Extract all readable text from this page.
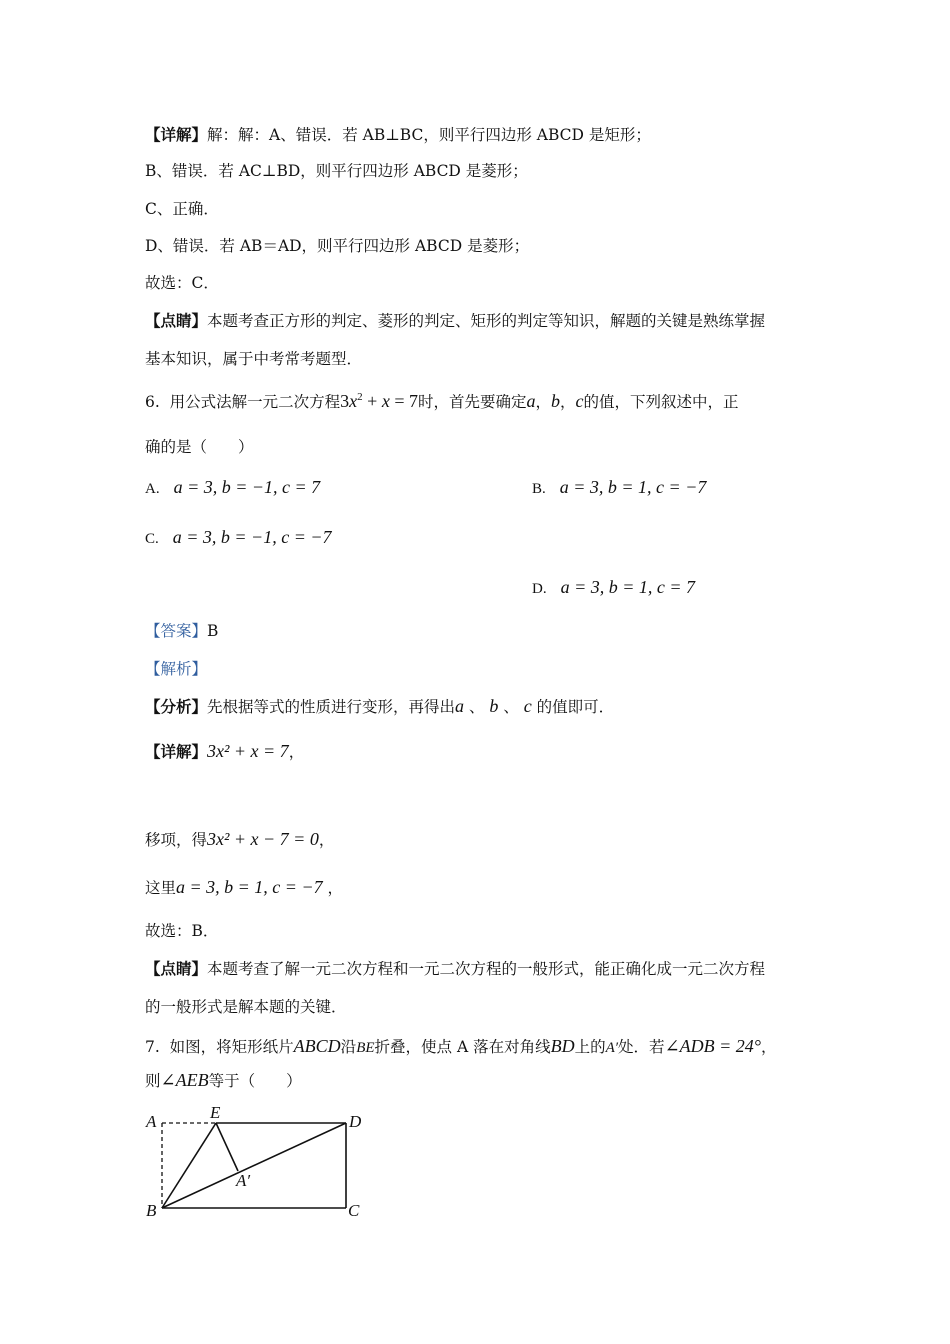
【详解】解：解：A、错误．若 AB⊥BC，则平行四边形 ABCD 是矩形；
B、错误．若 AC⊥BD，则平行四边形 ABCD 是菱形；
C、正确．
D、错误．若 AB＝AD，则平行四边形 ABCD 是菱形；
故选：C．
【点睛】本题考查正方形的判定、菱形的判定、矩形的判定等知识，解题的关键是熟练掌握
基本知识，属于中考常考题型．
6. 用公式法解一元二次方程$3x^2 + x = 7$时，首先要确定a，b，c的值，下列叙述中，正
确的是（　　）
A. a = 3, b = −1, c = 7	B. a = 3, b = 1, c = −7
C. a = 3, b = −1, c = −7
D. a = 3, b = 1, c = 7
【答案】B
【解析】
【分析】先根据等式的性质进行变形，再得出a 、 b 、 c 的值即可．
【详解】3x² + x = 7，
移项，得3x² + x − 7 = 0，
这里a = 3, b = 1, c = −7 ，
故选：B．
【点睛】本题考查了解一元二次方程和一元二次方程的一般形式，能正确化成一元二次方程
的一般形式是解本题的关键．
7. 如图，将矩形纸片ABCD沿BE折叠，使点 A 落在对角线BD上的A′处．若∠ADB = 24°，
则∠AEB等于（　　）
A	E	D
A′
B	C
